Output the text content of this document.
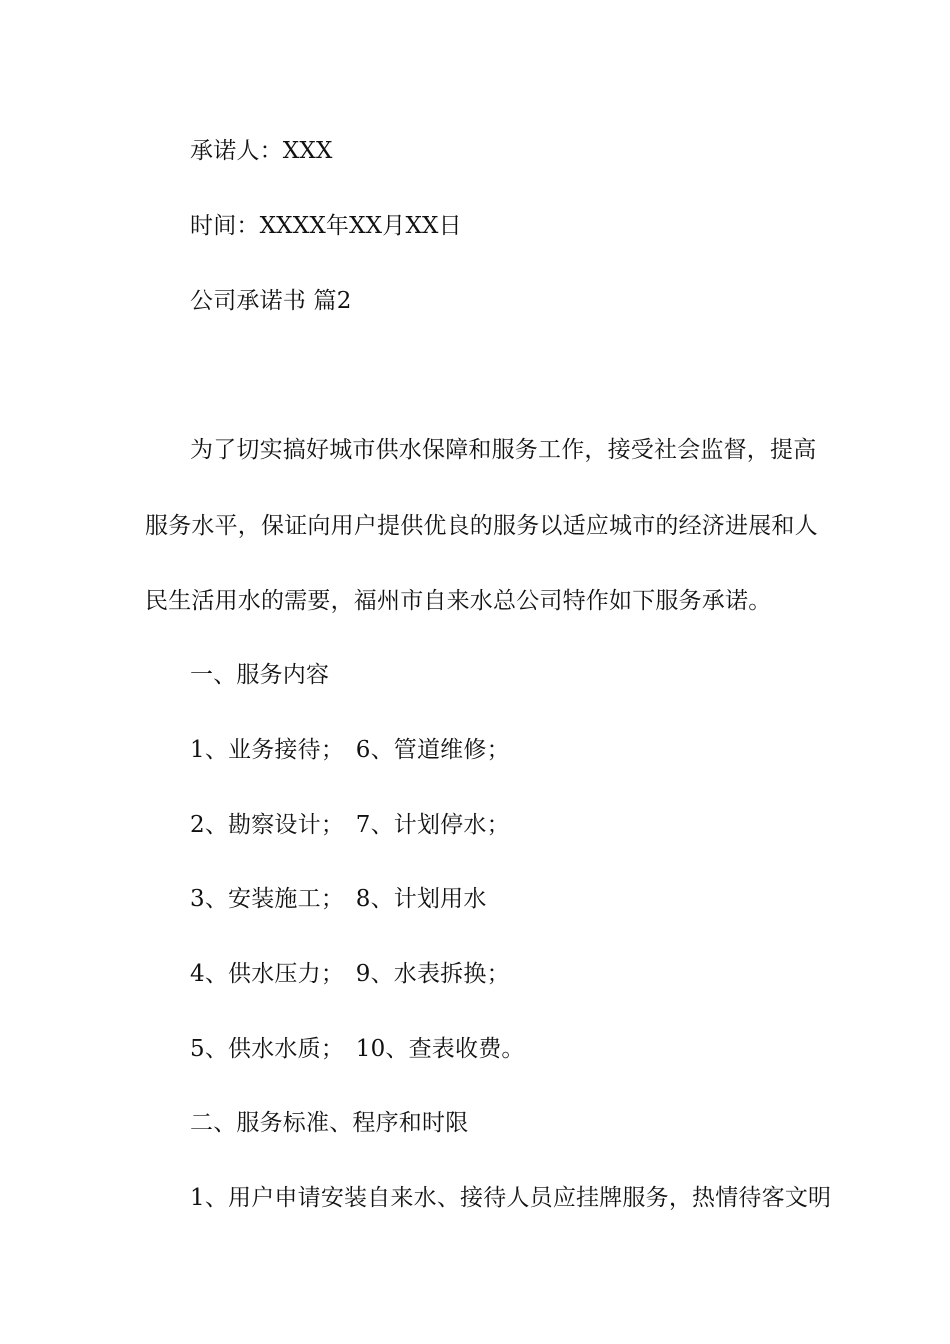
承诺人：XXX
时间：XXXX年XX月XX日
公司承诺书 篇2
为了切实搞好城市供水保障和服务工作，接受社会监督，提高
服务水平，保证向用户提供优良的服务以适应城市的经济进展和人
民生活用水的需要，福州市自来水总公司特作如下服务承诺。
一、服务内容
1、业务接待；　6、管道维修；
2、勘察设计；　7、计划停水；
3、安装施工；　8、计划用水
4、供水压力；　9、水表拆换；
5、供水水质；　10、查表收费。
二、服务标准、程序和时限
1、用户申请安装自来水、接待人员应挂牌服务，热情待客文明
